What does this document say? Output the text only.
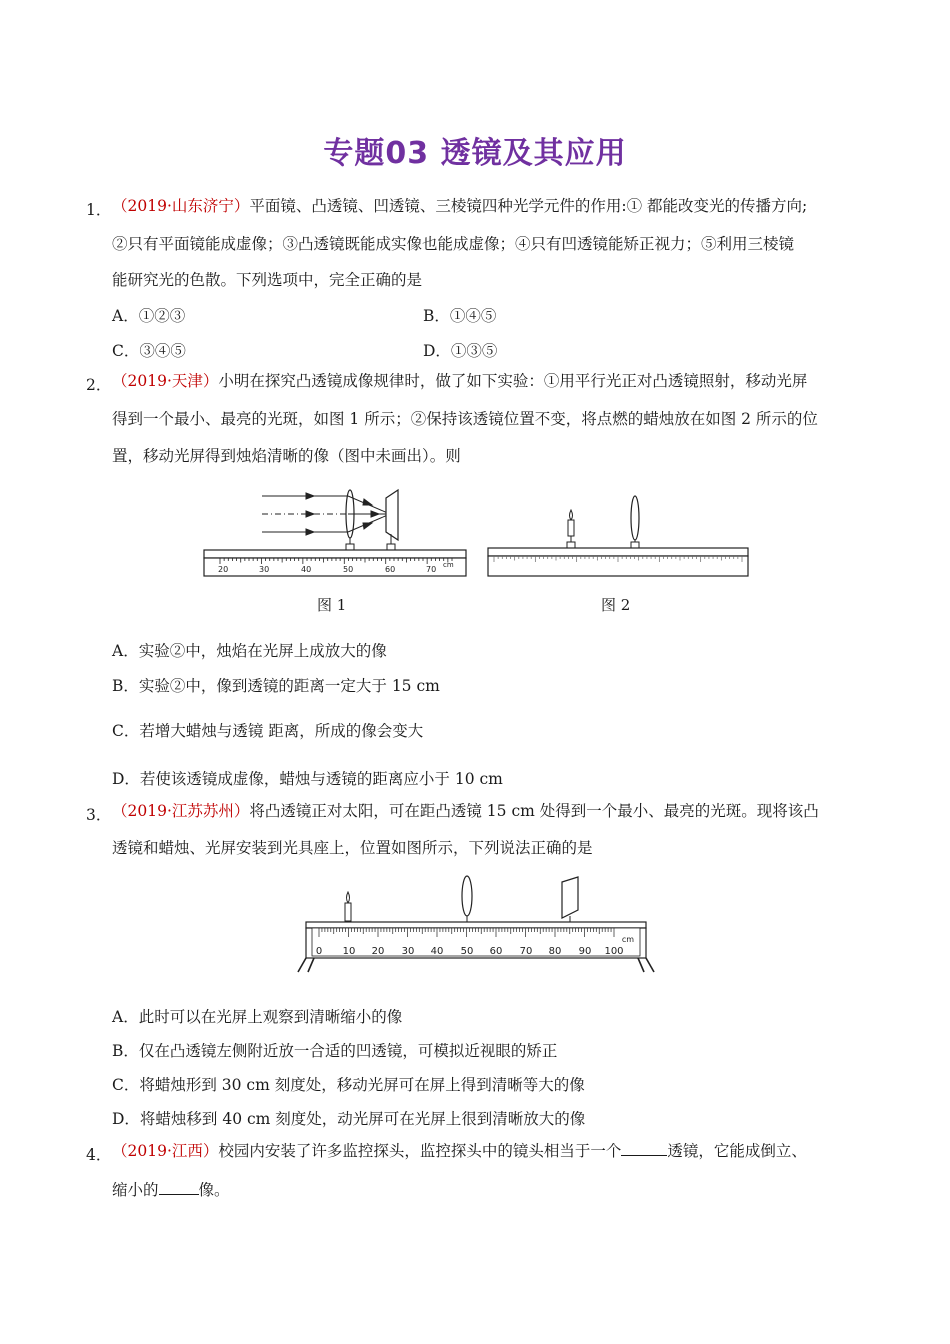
专题03 透镜及其应用
1． （2019·山东济宁）平面镜、凸透镜、凹透镜、三棱镜四种光学元件的作用:① 都能改变光的传播方向;
②只有平面镜能成虚像；③凸透镜既能成实像也能成虚像；④只有凹透镜能矫正视力；⑤利用三棱镜
能研究光的色散。下列选项中，完全正确的是
A．①②③	B．①④⑤
C．③④⑤	D．①③⑤
2． （2019·天津）小明在探究凸透镜成像规律时，做了如下实验：①用平行光正对凸透镜照射，移动光屏
得到一个最小、最亮的光斑，如图 1 所示；②保持该透镜位置不变，将点燃的蜡烛放在如图 2 所示的位
置，移动光屏得到烛焰清晰的像（图中未画出）。则
20	30	40	50	60	70 cm
图 1	图 2
A．实验②中，烛焰在光屏上成放大的像
B．实验②中，像到透镜的距离一定大于 15 cm
C．若增大蜡烛与透镜 距离，所成的像会变大
D．若使该透镜成虚像，蜡烛与透镜的距离应小于 10 cm
3． （2019·江苏苏州）将凸透镜正对太阳，可在距凸透镜 15 cm 处得到一个最小、最亮的光斑。现将该凸
透镜和蜡烛、光屏安装到光具座上，位置如图所示，下列说法正确的是
0 10 20 30 40 50 60 70 80 90 100
cm
A．此时可以在光屏上观察到清晰缩小的像
B．仅在凸透镜左侧附近放一合适的凹透镜，可模拟近视眼的矫正
C．将蜡烛形到 30 cm 刻度处，移动光屏可在屏上得到清晰等大的像
D．将蜡烛移到 40 cm 刻度处，动光屏可在光屏上很到清晰放大的像
4． （2019·江西）校园内安装了许多监控探头，监控探头中的镜头相当于一个	透镜，它能成倒立、
缩小的	像。
